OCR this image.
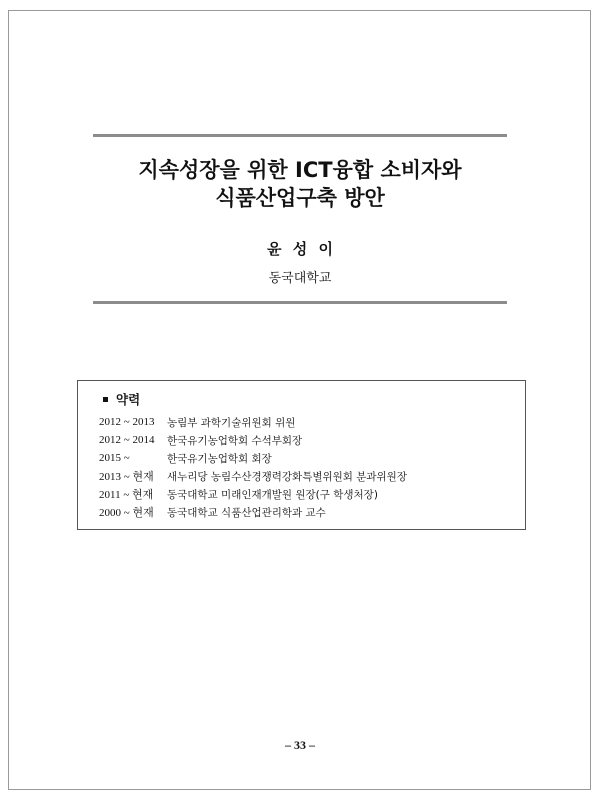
지속성장을 위한 ICT융합 소비자와
식품산업구축 방안
윤 성 이
동국대학교
약력
2012 ~ 2013	농림부 과학기술위원회 위원
2012 ~ 2014	한국유기농업학회 수석부회장
2015 ~	한국유기농업학회 회장
2013 ~ 현재	새누리당 농림수산경쟁력강화특별위원회 분과위원장
2011 ~ 현재	동국대학교 미래인재개발원 원장(구 학생처장)
2000 ~ 현재	동국대학교 식품산업관리학과 교수
– 33 –
